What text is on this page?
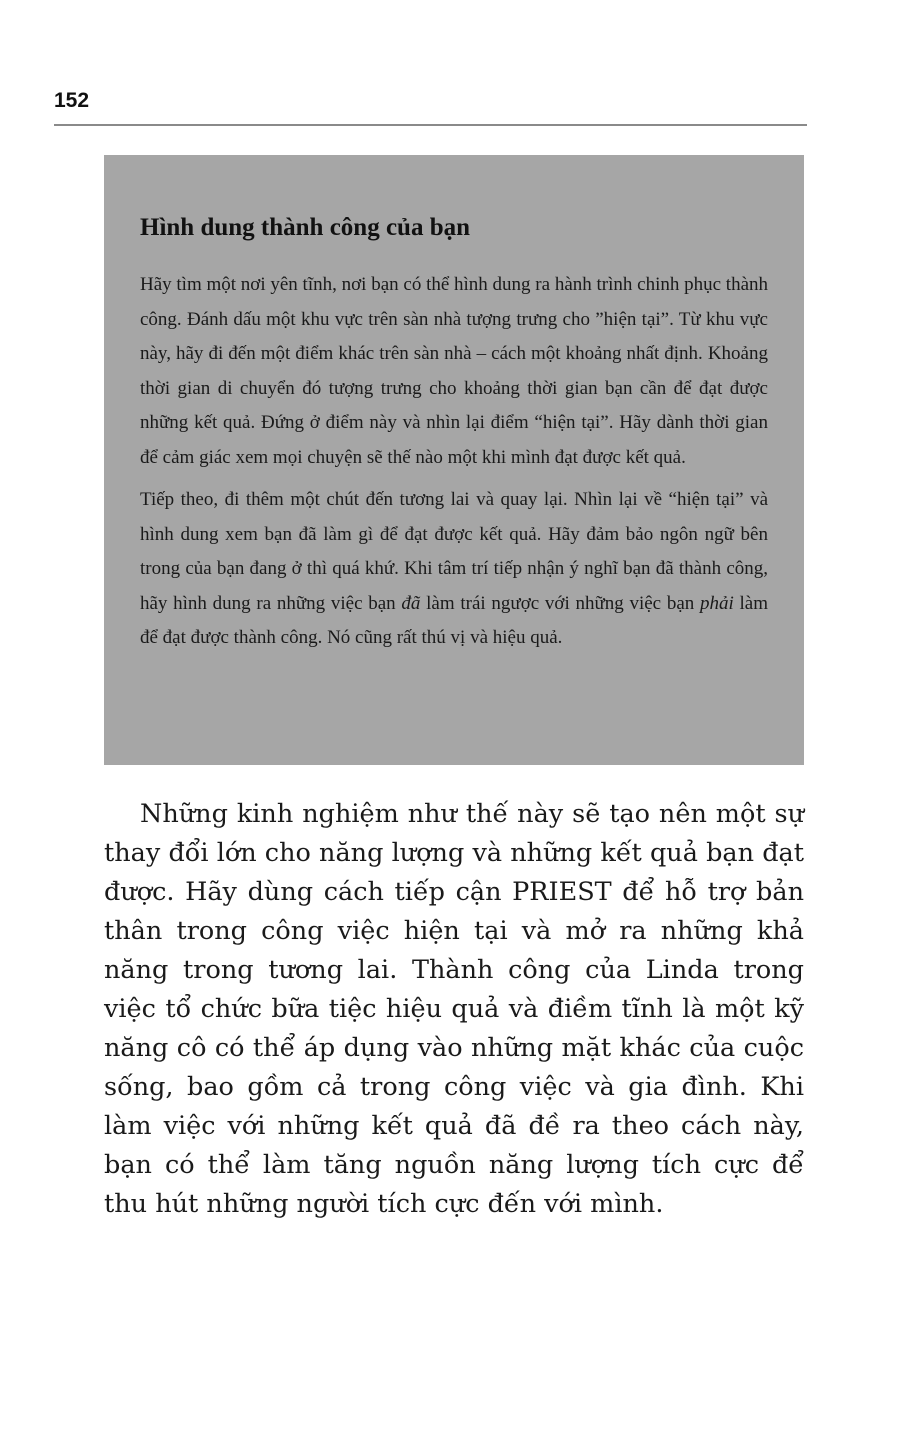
152
Hình dung thành công của bạn

Hãy tìm một nơi yên tĩnh, nơi bạn có thể hình dung ra hành trình chinh phục thành công. Đánh dấu một khu vực trên sàn nhà tượng trưng cho ”hiện tại”. Từ khu vực này, hãy đi đến một điểm khác trên sàn nhà – cách một khoảng nhất định. Khoảng thời gian di chuyển đó tượng trưng cho khoảng thời gian bạn cần để đạt được những kết quả. Đứng ở điểm này và nhìn lại điểm “hiện tại”. Hãy dành thời gian để cảm giác xem mọi chuyện sẽ thế nào một khi mình đạt được kết quả.

Tiếp theo, đi thêm một chút đến tương lai và quay lại. Nhìn lại về “hiện tại” và hình dung xem bạn đã làm gì để đạt được kết quả. Hãy đảm bảo ngôn ngữ bên trong của bạn đang ở thì quá khứ. Khi tâm trí tiếp nhận ý nghĩ bạn đã thành công, hãy hình dung ra những việc bạn đã làm trái ngược với những việc bạn phải làm để đạt được thành công. Nó cũng rất thú vị và hiệu quả.

Những kinh nghiệm như thế này sẽ tạo nên một sự thay đổi lớn cho năng lượng và những kết quả bạn đạt được. Hãy dùng cách tiếp cận PRIEST để hỗ trợ bản thân trong công việc hiện tại và mở ra những khả năng trong tương lai. Thành công của Linda trong việc tổ chức bữa tiệc hiệu quả và điềm tĩnh là một kỹ năng cô có thể áp dụng vào những mặt khác của cuộc sống, bao gồm cả trong công việc và gia đình. Khi làm việc với những kết quả đã đề ra theo cách này, bạn có thể làm tăng nguồn năng lượng tích cực để thu hút những người tích cực đến với mình.
